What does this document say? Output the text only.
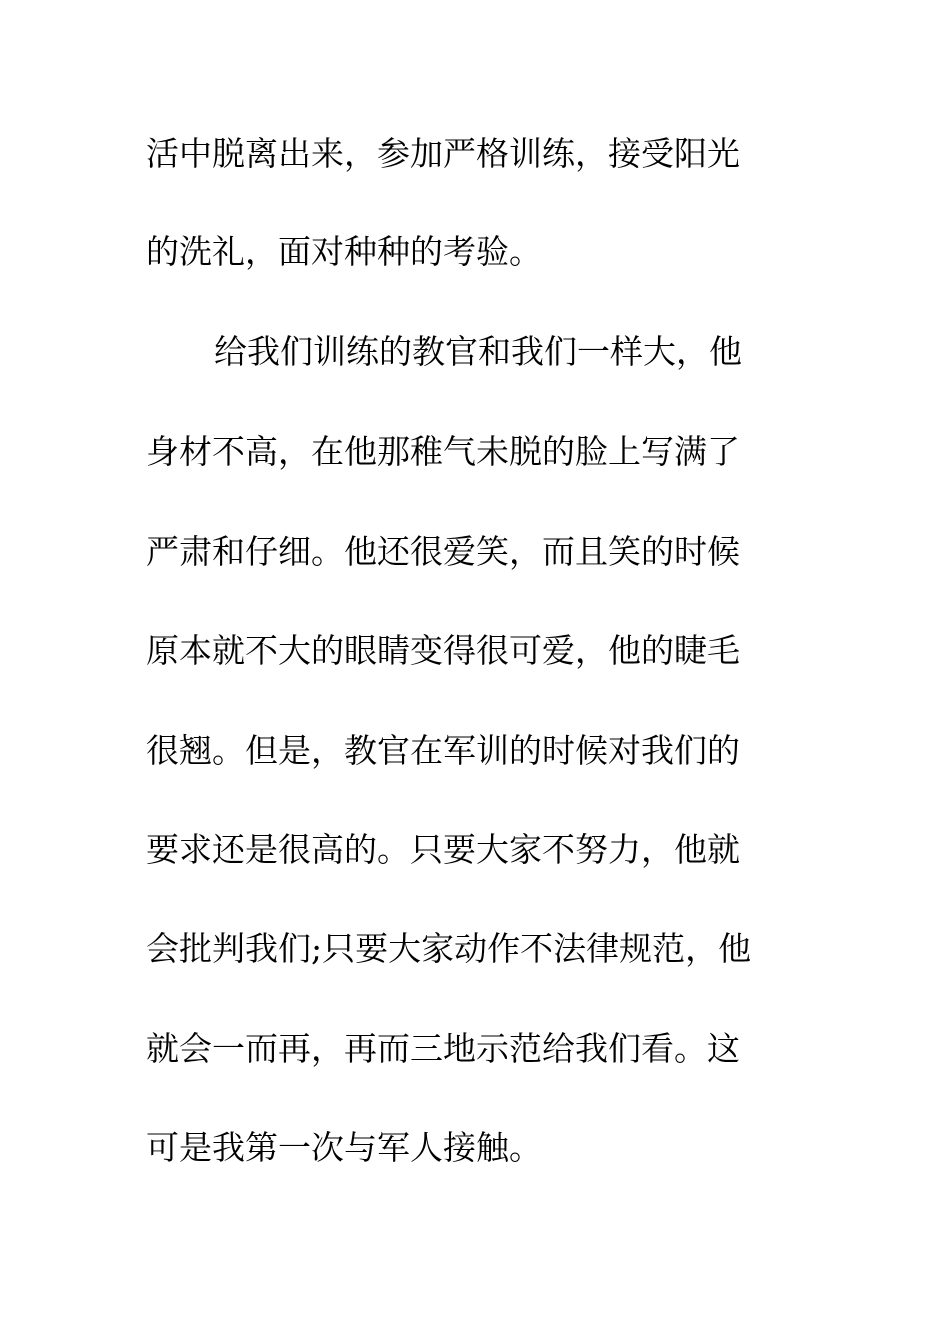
活中脱离出来，参加严格训练，接受阳光
的洗礼，面对种种的考验。
给我们训练的教官和我们一样大，他
身材不高，在他那稚气未脱的脸上写满了
严肃和仔细。他还很爱笑，而且笑的时候
原本就不大的眼睛变得很可爱，他的睫毛
很翘。但是，教官在军训的时候对我们的
要求还是很高的。只要大家不努力，他就
会批判我们;只要大家动作不法律规范，他
就会一而再，再而三地示范给我们看。这
可是我第一次与军人接触。
